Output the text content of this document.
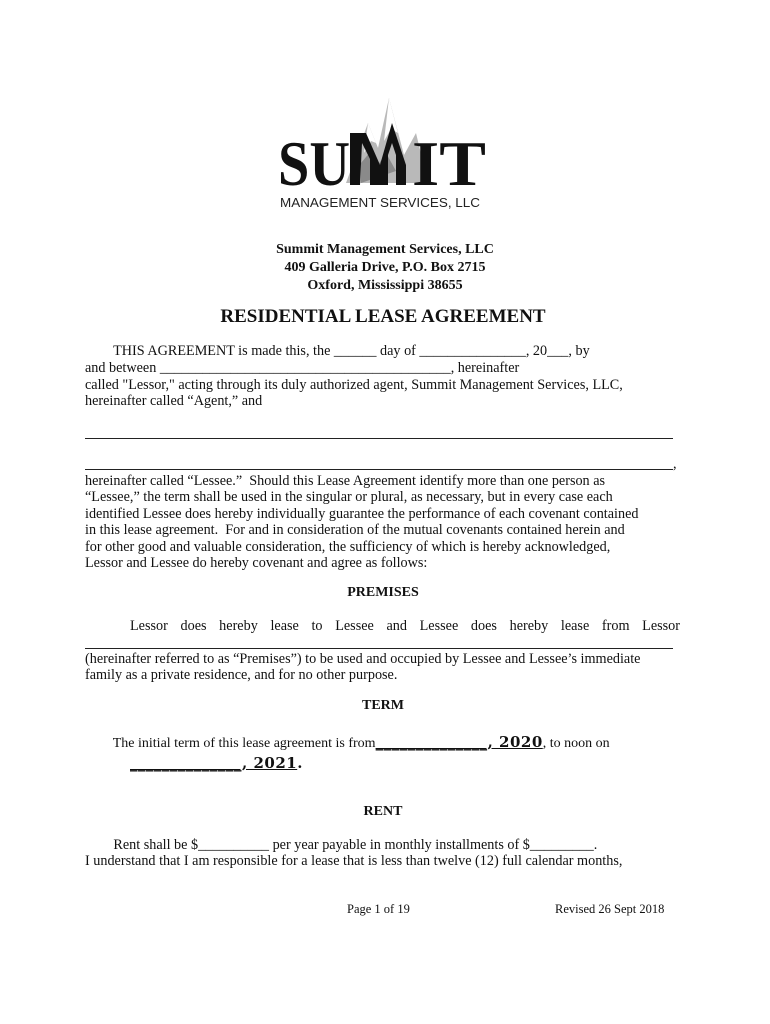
SU IT
MANAGEMENT SERVICES, LLC
Summit Management Services, LLC
409 Galleria Drive, P.O. Box 2715
Oxford, Mississippi 38655
RESIDENTIAL LEASE AGREEMENT
THIS AGREEMENT is made this, the ______ day of _______________, 20___, by
and between _________________________________________, hereinafter
called "Lessor," acting through its duly authorized agent, Summit Management Services, LLC,
hereinafter called “Agent,” and
,
hereinafter called “Lessee.”  Should this Lease Agreement identify more than one person as
“Lessee,” the term shall be used in the singular or plural, as necessary, but in every case each
identified Lessee does hereby individually guarantee the performance of each covenant contained
in this lease agreement.  For and in consideration of the mutual covenants contained herein and
for other good and valuable consideration, the sufficiency of which is hereby acknowledged,
Lessor and Lessee do hereby covenant and agree as follows:
PREMISES
Lessor does hereby lease to Lessee and Lessee does hereby lease from Lessor
(hereinafter referred to as “Premises”) to be used and occupied by Lessee and Lessee’s immediate
family as a private residence, and for no other purpose.
TERM
The initial term of this lease agreement is from______________, 2020, to noon on
______________, 2021.
RENT
Rent shall be $__________ per year payable in monthly installments of $_________.
I understand that I am responsible for a lease that is less than twelve (12) full calendar months,
Page 1 of 19	Revised 26 Sept 2018
